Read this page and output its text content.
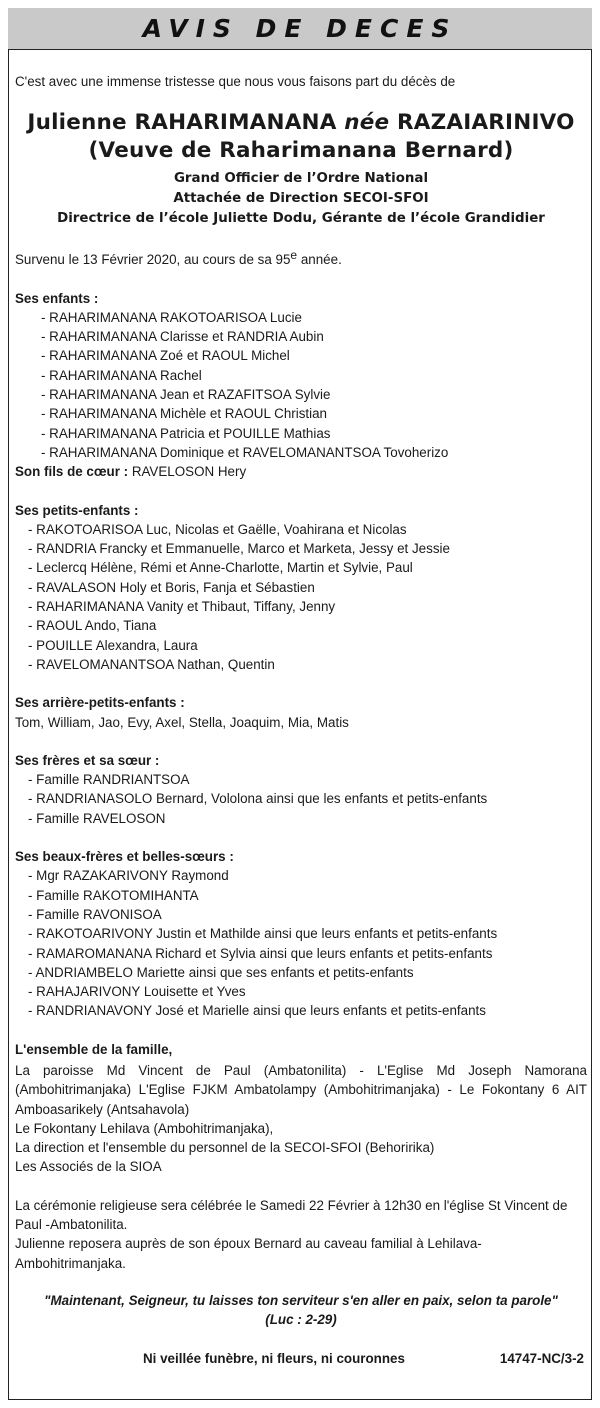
AVIS DE DECES

C'est avec une immense tristesse que nous vous faisons part du décès de

Julienne RAHARIMANANA née RAZAIARINIVO
(Veuve de Raharimanana Bernard)
Grand Officier de l’Ordre National
Attachée de Direction SECOI-SFOI
Directrice de l’école Juliette Dodu, Gérante de l’école Grandidier

Survenu le 13 Février 2020, au cours de sa 95e année.

Ses enfants :
- RAHARIMANANA RAKOTOARISOA Lucie
- RAHARIMANANA Clarisse et RANDRIA Aubin
- RAHARIMANANA Zoé et RAOUL Michel
- RAHARIMANANA Rachel
- RAHARIMANANA Jean et RAZAFITSOA Sylvie
- RAHARIMANANA Michèle et RAOUL Christian
- RAHARIMANANA Patricia et POUILLE Mathias
- RAHARIMANANA Dominique et RAVELOMANANTSOA Tovoherizo

Son fils de cœur : RAVELOSON Hery

Ses petits-enfants :
- RAKOTOARISOA Luc, Nicolas et Gaëlle, Voahirana et Nicolas
- RANDRIA Francky et Emmanuelle, Marco et Marketa, Jessy et Jessie
- Leclercq Hélène, Rémi et Anne-Charlotte, Martin et Sylvie, Paul
- RAVALASON Holy et Boris, Fanja et Sébastien
- RAHARIMANANA Vanity et Thibaut, Tiffany, Jenny
- RAOUL Ando, Tiana
- POUILLE Alexandra, Laura
- RAVELOMANANTSOA Nathan, Quentin
Ses arrière-petits-enfants :
Tom, William, Jao, Evy, Axel, Stella, Joaquim, Mia, Matis
Ses frères et sa sœur :
- Famille RANDRIANTSOA
- RANDRIANASOLO Bernard, Vololona ainsi que les enfants et petits-enfants
- Famille RAVELOSON
Ses beaux-frères et belles-sœurs :
- Mgr RAZAKARIVONY Raymond
- Famille RAKOTOMIHANTA
- Famille RAVONISOA
- RAKOTOARIVONY Justin et Mathilde ainsi que leurs enfants et petits-enfants
- RAMAROMANANA Richard et Sylvia ainsi que leurs enfants et petits-enfants
- ANDRIAMBELO Mariette ainsi que ses enfants et petits-enfants
- RAHAJARIVONY Louisette et Yves
- RANDRIANAVONY José et Marielle ainsi que leurs enfants et petits-enfants
L'ensemble de la famille,
La paroisse Md Vincent de Paul (Ambatonilita) - L'Eglise Md Joseph Namorana (Ambohitrimanjaka) L'Eglise FJKM Ambatolampy (Ambohitrimanjaka) - Le Fokontany 6 AIT Amboasarikely (Antsahavola)
Le Fokontany Lehilava (Ambohitrimanjaka),
La direction et l'ensemble du personnel de la SECOI-SFOI (Behoririka)
Les Associés de la SIOA
La cérémonie religieuse sera célébrée le Samedi 22 Février à 12h30 en l'église St Vincent de Paul -Ambatonilita.
Julienne reposera auprès de son époux Bernard au caveau familial à Lehilava- Ambohitrimanjaka.
"Maintenant, Seigneur, tu laisses ton serviteur s'en aller en paix, selon ta parole"
(Luc : 2-29)
Ni veillée funèbre, ni fleurs, ni couronnes	14747-NC/3-2
